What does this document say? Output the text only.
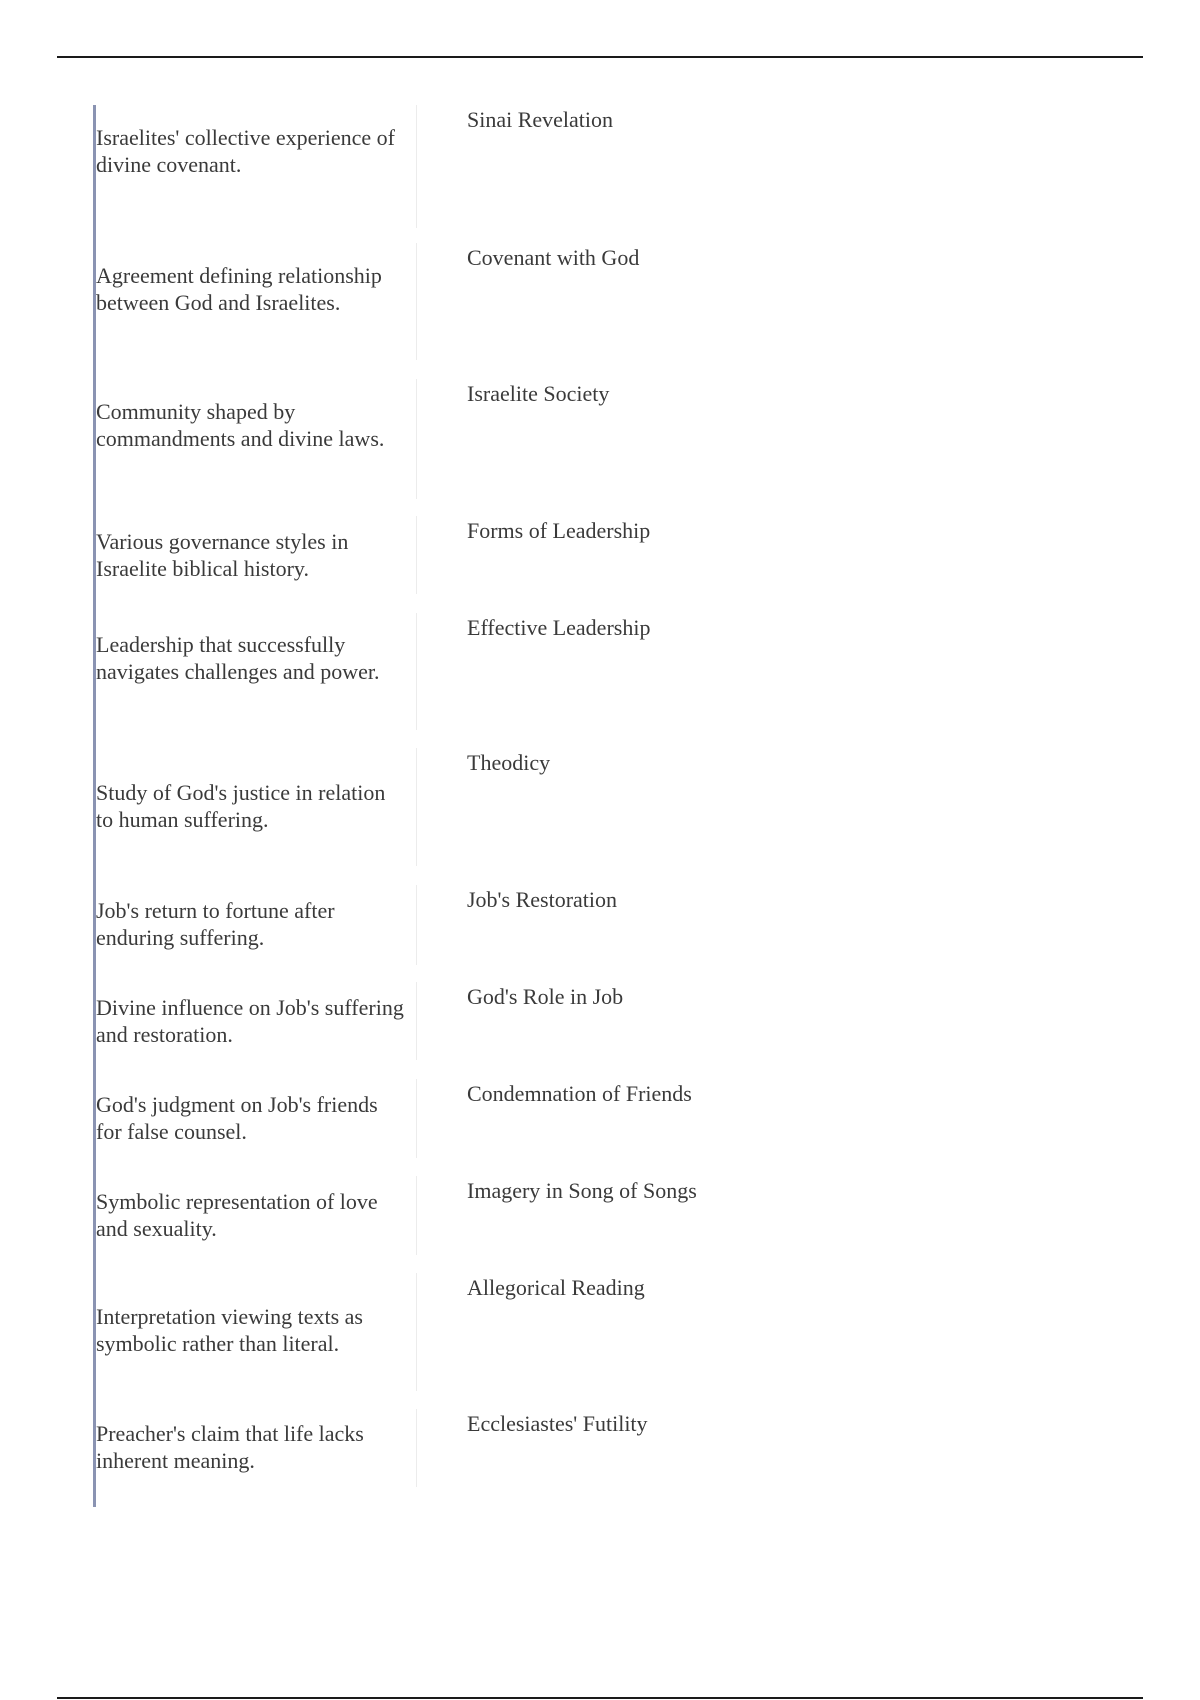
Israelites' collective experience of divine covenant.
Sinai Revelation
Agreement defining relationship between God and Israelites.
Covenant with God
Community shaped by commandments and divine laws.
Israelite Society
Various governance styles in Israelite biblical history.
Forms of Leadership
Leadership that successfully navigates challenges and power.
Effective Leadership
Study of God's justice in relation to human suffering.
Theodicy
Job's return to fortune after enduring suffering.
Job's Restoration
Divine influence on Job's suffering and restoration.
God's Role in Job
God's judgment on Job's friends for false counsel.
Condemnation of Friends
Symbolic representation of love and sexuality.
Imagery in Song of Songs
Interpretation viewing texts as symbolic rather than literal.
Allegorical Reading
Preacher's claim that life lacks inherent meaning.
Ecclesiastes' Futility
